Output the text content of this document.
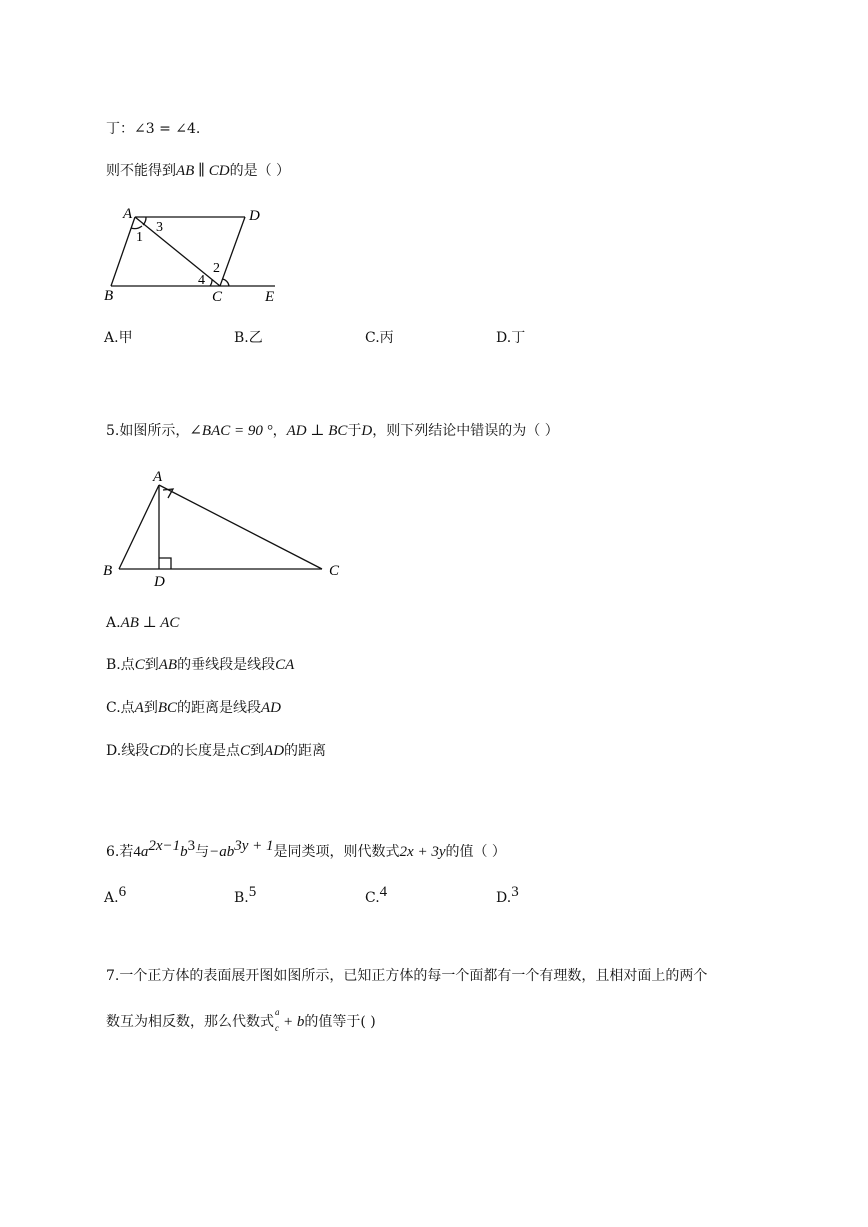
丁：∠3 = ∠4.
则不能得到AB ∥ CD的是（ ）
A	D
B	C	E
1
3
2
4
A.甲	B.乙	C.丙	D.丁
5.如图所示，∠BAC = 90 °，AD ⊥ BC于D，则下列结论中错误的为（ ）
A
B	C
D
A.AB ⊥ AC
B.点C到AB的垂线段是线段CA
C.点A到BC的距离是线段AD
D.线段CD的长度是点C到AD的距离
6.若$4a^{2x-1}b^3$与$-ab^{3y + 1}$是同类项，则代数式2x + 3y的值（ ）
A.$^6$	B.$^5$	C.$^4$	D.$^3$
7.一个正方体的表面展开图如图所示，已知正方体的每一个面都有一个有理数，且相对面上的两个
数互为相反数，那么代数式
a
c + b的值等于( )
